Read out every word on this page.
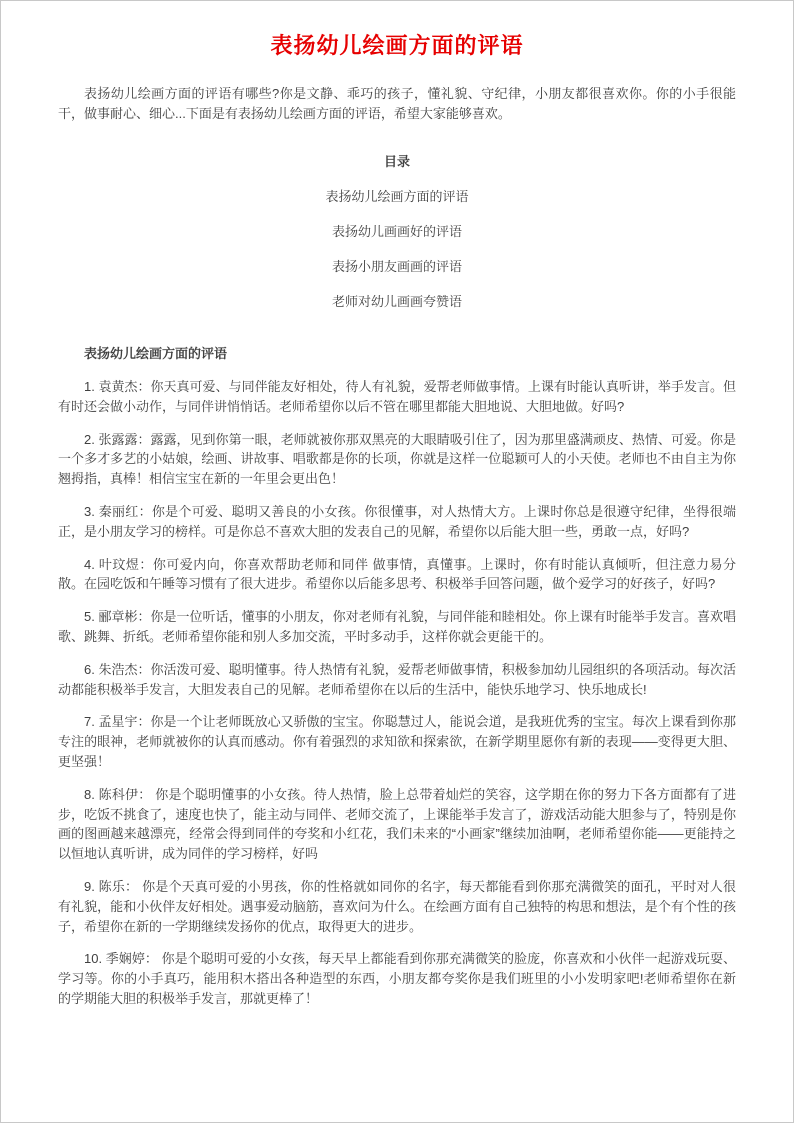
表扬幼儿绘画方面的评语

表扬幼儿绘画方面的评语有哪些?你是文静、乖巧的孩子，懂礼貌、守纪律，小朋友都很喜欢你。你的小手很能干，做事耐心、细心...下面是有表扬幼儿绘画方面的评语，希望大家能够喜欢。

目录
表扬幼儿绘画方面的评语
表扬幼儿画画好的评语
表扬小朋友画画的评语
老师对幼儿画画夸赞语
表扬幼儿绘画方面的评语

1. 袁黄杰：你天真可爱、与同伴能友好相处，待人有礼貌，爱帮老师做事情。上课有时能认真听讲，举手发言。但有时还会做小动作，与同伴讲悄悄话。老师希望你以后不管在哪里都能大胆地说、大胆地做。好吗?

2. 张露露：露露，见到你第一眼，老师就被你那双黑亮的大眼睛吸引住了，因为那里盛满顽皮、热情、可爱。你是一个多才多艺的小姑娘，绘画、讲故事、唱歌都是你的长项，你就是这样一位聪颖可人的小天使。老师也不由自主为你翘拇指，真棒！相信宝宝在新的一年里会更出色！

3. 秦丽红：你是个可爱、聪明又善良的小女孩。你很懂事，对人热情大方。上课时你总是很遵守纪律，坐得很端正，是小朋友学习的榜样。可是你总不喜欢大胆的发表自己的见解，希望你以后能大胆一些，勇敢一点，好吗?

4. 叶玟煜：你可爱内向，你喜欢帮助老师和同伴 做事情，真懂事。上课时，你有时能认真倾听，但注意力易分散。在园吃饭和午睡等习惯有了很大进步。希望你以后能多思考、积极举手回答问题，做个爱学习的好孩子，好吗?

5. 郦章彬：你是一位听话，懂事的小朋友，你对老师有礼貌，与同伴能和睦相处。你上课有时能举手发言。喜欢唱歌、跳舞、折纸。老师希望你能和别人多加交流，平时多动手，这样你就会更能干的。

6. 朱浩杰：你活泼可爱、聪明懂事。待人热情有礼貌，爱帮老师做事情，积极参加幼儿园组织的各项活动。每次活动都能积极举手发言，大胆发表自己的见解。老师希望你在以后的生活中，能快乐地学习、快乐地成长!

7. 孟星宇：你是一个让老师既放心又骄傲的宝宝。你聪慧过人，能说会道，是我班优秀的宝宝。每次上课看到你那专注的眼神，老师就被你的认真而感动。你有着强烈的求知欲和探索欲，在新学期里愿你有新的表现——变得更大胆、更坚强！

8. 陈科伊： 你是个聪明懂事的小女孩。待人热情，脸上总带着灿烂的笑容，这学期在你的努力下各方面都有了进步，吃饭不挑食了，速度也快了，能主动与同伴、老师交流了，上课能举手发言了，游戏活动能大胆参与了，特别是你画的图画越来越漂亮，经常会得到同伴的夸奖和小红花，我们未来的“小画家”继续加油啊，老师希望你能——更能持之以恒地认真听讲，成为同伴的学习榜样，好吗

9. 陈乐： 你是个天真可爱的小男孩，你的性格就如同你的名字，每天都能看到你那充满微笑的面孔，平时对人很有礼貌，能和小伙伴友好相处。遇事爱动脑筋，喜欢问为什么。在绘画方面有自己独特的构思和想法，是个有个性的孩子，希望你在新的一学期继续发扬你的优点，取得更大的进步。

10. 季娴婷： 你是个聪明可爱的小女孩，每天早上都能看到你那充满微笑的脸庞，你喜欢和小伙伴一起游戏玩耍、学习等。你的小手真巧，能用积木搭出各种造型的东西，小朋友都夸奖你是我们班里的小小发明家吧!老师希望你在新的学期能大胆的积极举手发言，那就更棒了！
